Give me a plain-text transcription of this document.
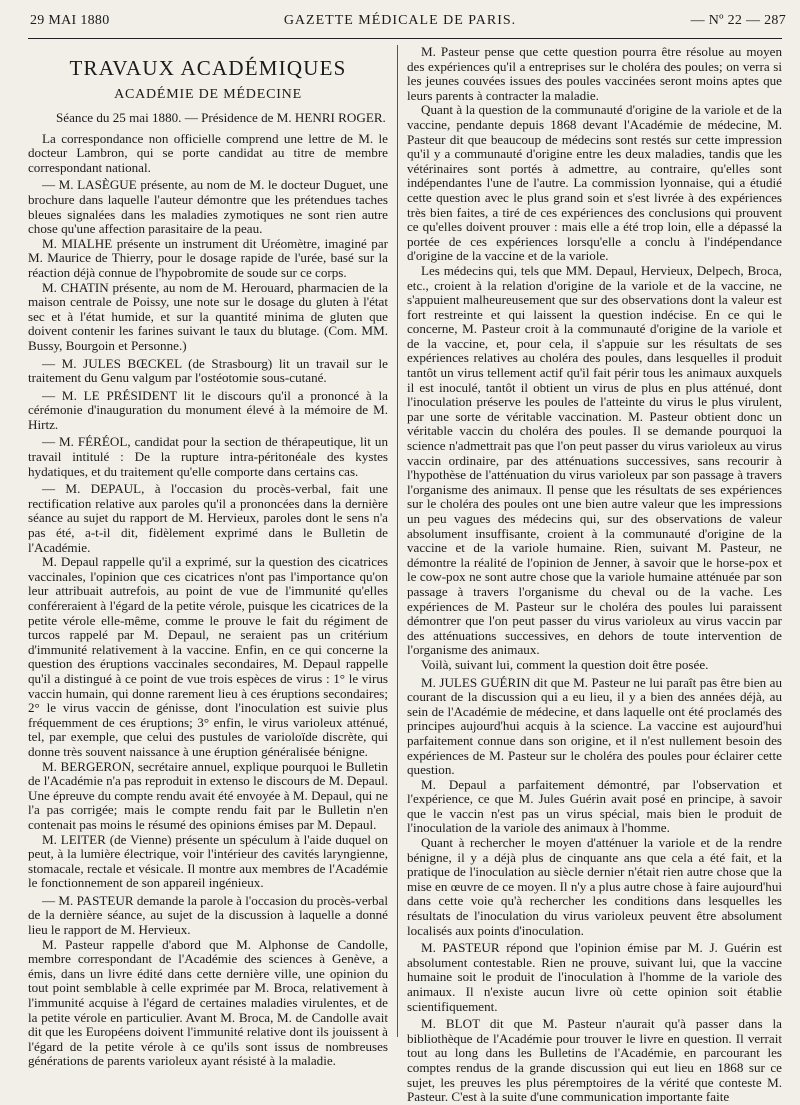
29 MAI 1880	GAZETTE MÉDICALE DE PARIS.	— Nº 22 — 287
TRAVAUX ACADÉMIQUES
ACADÉMIE DE MÉDECINE

Séance du 25 mai 1880. — Présidence de M. HENRI ROGER.

La correspondance non officielle comprend une lettre de M. le docteur Lambron, qui se porte candidat au titre de membre correspondant national.

— M. LASÈGUE présente, au nom de M. le docteur Duguet, une brochure dans laquelle l'auteur démontre que les prétendues taches bleues signalées dans les maladies zymotiques ne sont rien autre chose qu'une affection parasitaire de la peau.

M. MIALHE présente un instrument dit Uréomètre, imaginé par M. Maurice de Thierry, pour le dosage rapide de l'urée, basé sur la réaction déjà connue de l'hypobromite de soude sur ce corps.

M. CHATIN présente, au nom de M. Herouard, pharmacien de la maison centrale de Poissy, une note sur le dosage du gluten à l'état sec et à l'état humide, et sur la quantité minima de gluten que doivent contenir les farines suivant le taux du blutage. (Com. MM. Bussy, Bourgoin et Personne.)

— M. JULES BŒCKEL (de Strasbourg) lit un travail sur le traitement du Genu valgum par l'ostéotomie sous-cutané.

— M. LE PRÉSIDENT lit le discours qu'il a prononcé à la cérémonie d'inauguration du monument élevé à la mémoire de M. Hirtz.

— M. FÉRÉOL, candidat pour la section de thérapeutique, lit un travail intitulé : De la rupture intra-péritonéale des kystes hydatiques, et du traitement qu'elle comporte dans certains cas.

— M. DEPAUL, à l'occasion du procès-verbal, fait une rectification relative aux paroles qu'il a prononcées dans la dernière séance au sujet du rapport de M. Hervieux, paroles dont le sens n'a pas été, a-t-il dit, fidèlement exprimé dans le Bulletin de l'Académie.

M. Depaul rappelle qu'il a exprimé, sur la question des cicatrices vaccinales, l'opinion que ces cicatrices n'ont pas l'importance qu'on leur attribuait autrefois, au point de vue de l'immunité qu'elles conféreraient à l'égard de la petite vérole, puisque les cicatrices de la petite vérole elle-même, comme le prouve le fait du régiment de turcos rappelé par M. Depaul, ne seraient pas un critérium d'immunité relativement à la vaccine. Enfin, en ce qui concerne la question des éruptions vaccinales secondaires, M. Depaul rappelle qu'il a distingué à ce point de vue trois espèces de virus : 1° le virus vaccin humain, qui donne rarement lieu à ces éruptions secondaires; 2° le virus vaccin de génisse, dont l'inoculation est suivie plus fréquemment de ces éruptions; 3° enfin, le virus varioleux atténué, tel, par exemple, que celui des pustules de varioloïde discrète, qui donne très souvent naissance à une éruption généralisée bénigne.

M. BERGERON, secrétaire annuel, explique pourquoi le Bulletin de l'Académie n'a pas reproduit in extenso le discours de M. Depaul. Une épreuve du compte rendu avait été envoyée à M. Depaul, qui ne l'a pas corrigée; mais le compte rendu fait par le Bulletin n'en contenait pas moins le résumé des opinions émises par M. Depaul.

M. LEITER (de Vienne) présente un spéculum à l'aide duquel on peut, à la lumière électrique, voir l'intérieur des cavités laryngienne, stomacale, rectale et vésicale. Il montre aux membres de l'Académie le fonctionnement de son appareil ingénieux.

— M. PASTEUR demande la parole à l'occasion du procès-verbal de la dernière séance, au sujet de la discussion à laquelle a donné lieu le rapport de M. Hervieux.

M. Pasteur rappelle d'abord que M. Alphonse de Candolle, membre correspondant de l'Académie des sciences à Genève, a émis, dans un livre édité dans cette dernière ville, une opinion du tout point semblable à celle exprimée par M. Broca, relativement à l'immunité acquise à l'égard de certaines maladies virulentes, et de la petite vérole en particulier. Avant M. Broca, M. de Candolle avait dit que les Européens doivent l'immunité relative dont ils jouissent à l'égard de la petite vérole à ce qu'ils sont issus de nombreuses générations de parents varioleux ayant résisté à la maladie.

M. Pasteur pense que cette question pourra être résolue au moyen des expériences qu'il a entreprises sur le choléra des poules; on verra si les jeunes couvées issues des poules vaccinées seront moins aptes que leurs parents à contracter la maladie.

Quant à la question de la communauté d'origine de la variole et de la vaccine, pendante depuis 1868 devant l'Académie de médecine, M. Pasteur dit que beaucoup de médecins sont restés sur cette impression qu'il y a communauté d'origine entre les deux maladies, tandis que les vétérinaires sont portés à admettre, au contraire, qu'elles sont indépendantes l'une de l'autre. La commission lyonnaise, qui a étudié cette question avec le plus grand soin et s'est livrée à des expériences très bien faites, a tiré de ces expériences des conclusions qui prouvent ce qu'elles doivent prouver : mais elle a été trop loin, elle a dépassé la portée de ces expériences lorsqu'elle a conclu à l'indépendance d'origine de la vaccine et de la variole.

Les médecins qui, tels que MM. Depaul, Hervieux, Delpech, Broca, etc., croient à la relation d'origine de la variole et de la vaccine, ne s'appuient malheureusement que sur des observations dont la valeur est fort restreinte et qui laissent la question indécise. En ce qui le concerne, M. Pasteur croit à la communauté d'origine de la variole et de la vaccine, et, pour cela, il s'appuie sur les résultats de ses expériences relatives au choléra des poules, dans lesquelles il produit tantôt un virus tellement actif qu'il fait périr tous les animaux auxquels il est inoculé, tantôt il obtient un virus de plus en plus atténué, dont l'inoculation préserve les poules de l'atteinte du virus le plus virulent, par une sorte de véritable vaccination. M. Pasteur obtient donc un véritable vaccin du choléra des poules. Il se demande pourquoi la science n'admettrait pas que l'on peut passer du virus varioleux au virus vaccin ordinaire, par des atténuations successives, sans recourir à l'hypothèse de l'atténuation du virus varioleux par son passage à travers l'organisme des animaux. Il pense que les résultats de ses expériences sur le choléra des poules ont une bien autre valeur que les impressions un peu vagues des médecins qui, sur des observations de valeur absolument insuffisante, croient à la communauté d'origine de la vaccine et de la variole humaine. Rien, suivant M. Pasteur, ne démontre la réalité de l'opinion de Jenner, à savoir que le horse-pox et le cow-pox ne sont autre chose que la variole humaine atténuée par son passage à travers l'organisme du cheval ou de la vache. Les expériences de M. Pasteur sur le choléra des poules lui paraissent démontrer que l'on peut passer du virus varioleux au virus vaccin par des atténuations successives, en dehors de toute intervention de l'organisme des animaux.

Voilà, suivant lui, comment la question doit être posée.

M. JULES GUÉRIN dit que M. Pasteur ne lui paraît pas être bien au courant de la discussion qui a eu lieu, il y a bien des années déjà, au sein de l'Académie de médecine, et dans laquelle ont été proclamés des principes aujourd'hui acquis à la science. La vaccine est aujourd'hui parfaitement connue dans son origine, et il n'est nullement besoin des expériences de M. Pasteur sur le choléra des poules pour éclairer cette question.

M. Depaul a parfaitement démontré, par l'observation et l'expérience, ce que M. Jules Guérin avait posé en principe, à savoir que le vaccin n'est pas un virus spécial, mais bien le produit de l'inoculation de la variole des animaux à l'homme.

Quant à rechercher le moyen d'atténuer la variole et de la rendre bénigne, il y a déjà plus de cinquante ans que cela a été fait, et la pratique de l'inoculation au siècle dernier n'était rien autre chose que la mise en œuvre de ce moyen. Il n'y a plus autre chose à faire aujourd'hui dans cette voie qu'à rechercher les conditions dans lesquelles les résultats de l'inoculation du virus varioleux peuvent être absolument localisés aux points d'inoculation.

M. PASTEUR répond que l'opinion émise par M. J. Guérin est absolument contestable. Rien ne prouve, suivant lui, que la vaccine humaine soit le produit de l'inoculation à l'homme de la variole des animaux. Il n'existe aucun livre où cette opinion soit établie scientifiquement.

M. BLOT dit que M. Pasteur n'aurait qu'à passer dans la bibliothèque de l'Académie pour trouver le livre en question. Il verrait tout au long dans les Bulletins de l'Académie, en parcourant les comptes rendus de la grande discussion qui eut lieu en 1868 sur ce sujet, les preuves les plus péremptoires de la vérité que conteste M. Pasteur. C'est à la suite d'une communication importante faite
